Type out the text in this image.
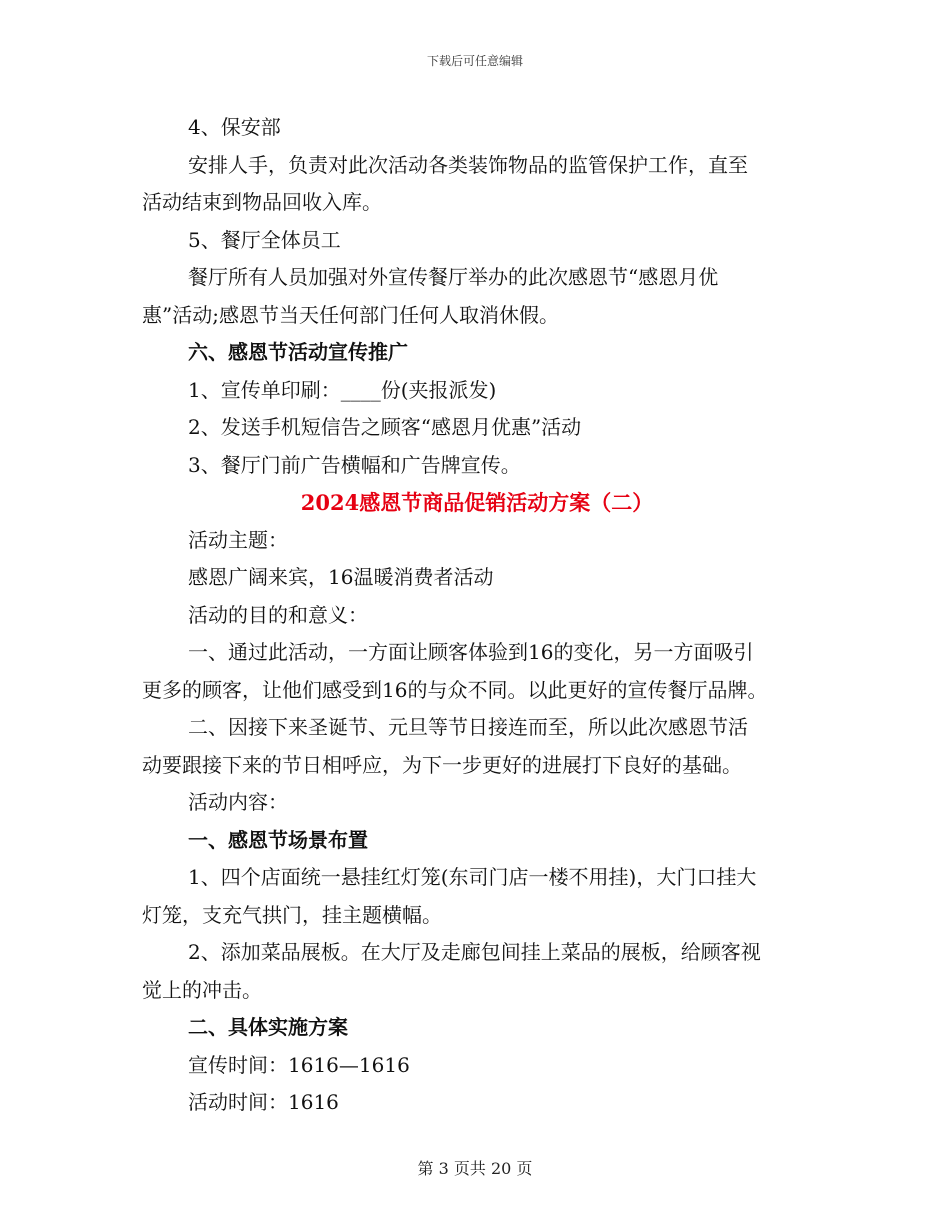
下载后可任意编辑
4、保安部
安排人手，负责对此次活动各类装饰物品的监管保护工作，直至
活动结束到物品回收入库。
5、餐厅全体员工
餐厅所有人员加强对外宣传餐厅举办的此次感恩节“感恩月优
惠”活动;感恩节当天任何部门任何人取消休假。
六、感恩节活动宣传推广
1、宣传单印刷：____份(夹报派发)
2、发送手机短信告之顾客“感恩月优惠”活动
3、餐厅门前广告横幅和广告牌宣传。
2024感恩节商品促销活动方案（二）
活动主题：
感恩广阔来宾，16温暖消费者活动
活动的目的和意义：
一、通过此活动，一方面让顾客体验到16的变化，另一方面吸引
更多的顾客，让他们感受到16的与众不同。以此更好的宣传餐厅品牌。
二、因接下来圣诞节、元旦等节日接连而至，所以此次感恩节活
动要跟接下来的节日相呼应，为下一步更好的进展打下良好的基础。
活动内容：
一、感恩节场景布置
1、四个店面统一悬挂红灯笼(东司门店一楼不用挂)，大门口挂大
灯笼，支充气拱门，挂主题横幅。
2、添加菜品展板。在大厅及走廊包间挂上菜品的展板，给顾客视
觉上的冲击。
二、具体实施方案
宣传时间：1616—1616
活动时间：1616
第 3 页共 20 页
